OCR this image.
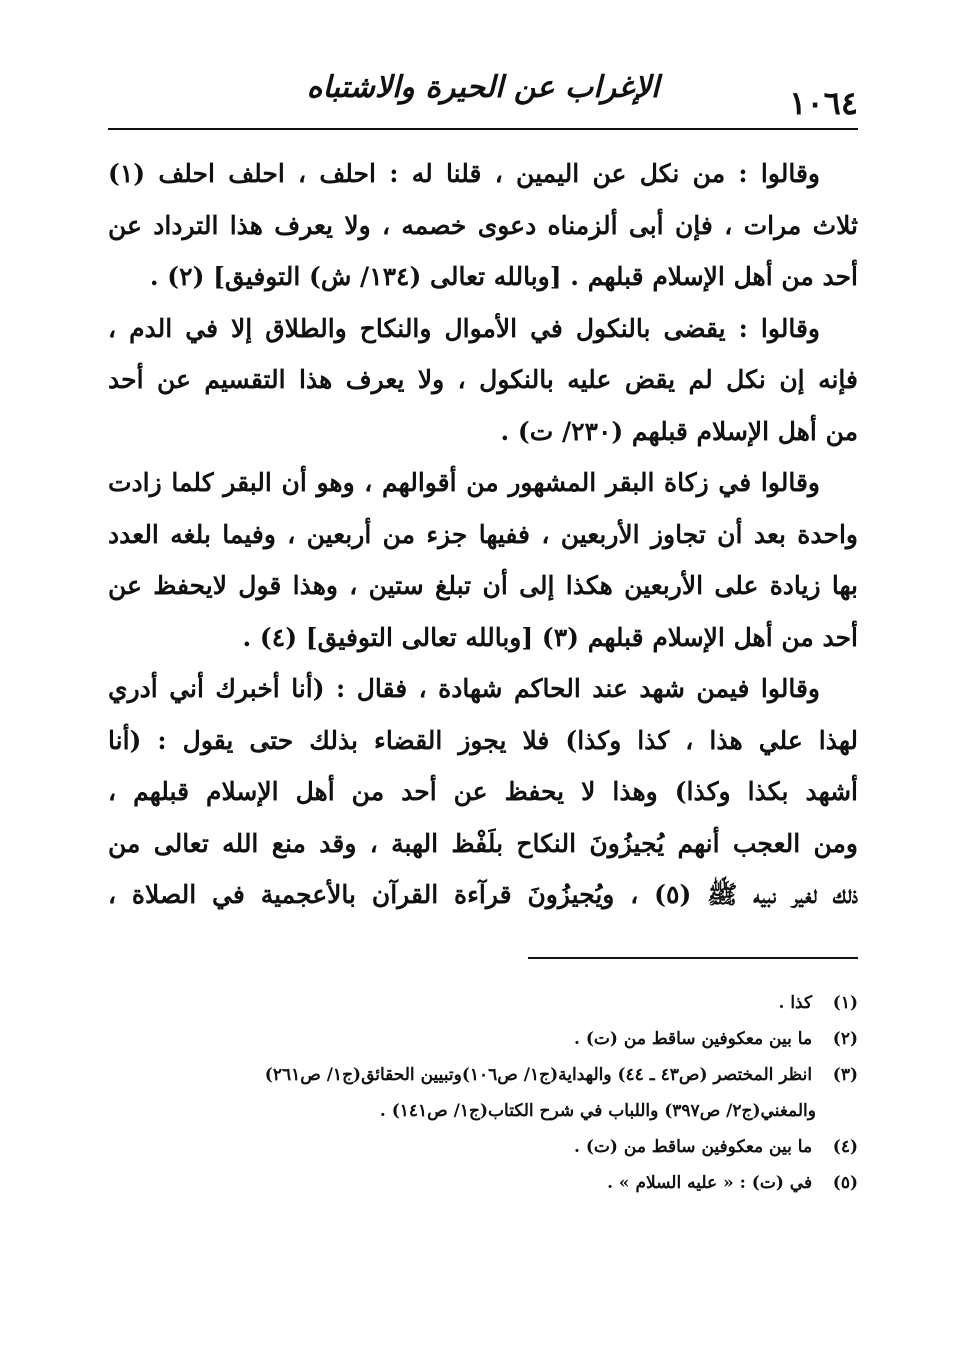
١٠٦٤
الإغراب عن الحيرة والاشتباه
وقالوا : من نكل عن اليمين ، قلنا له : احلف ، احلف احلف (١)
ثلاث مرات ، فإن أبى ألزمناه دعوى خصمه ، ولا يعرف هذا الترداد عن
أحد من أهل الإسلام قبلهم . [وبالله تعالى (١٣٤/ ش) التوفيق] (٢) .
وقالوا : يقضى بالنكول في الأموال والنكاح والطلاق إلا في الدم ،
فإنه إن نكل لم يقض عليه بالنكول ، ولا يعرف هذا التقسيم عن أحد
من أهل الإسلام قبلهم (٢٣٠/ ت) .
وقالوا في زكاة البقر المشهور من أقوالهم ، وهو أن البقر كلما زادت
واحدة بعد أن تجاوز الأربعين ، ففيها جزء من أربعين ، وفيما بلغه العدد
بها زيادة على الأربعين هكذا إلى أن تبلغ ستين ، وهذا قول لايحفظ عن
أحد من أهل الإسلام قبلهم (٣) [وبالله تعالى التوفيق] (٤) .
وقالوا فيمن شهد عند الحاكم شهادة ، فقال : (أنا أخبرك أني أدري
لهذا علي هذا ، كذا وكذا) فلا يجوز القضاء بذلك حتى يقول : (أنا
أشهد بكذا وكذا) وهذا لا يحفظ عن أحد من أهل الإسلام قبلهم ،
ومن العجب أنهم يُجيزُونَ النكاح بلَفْظ الهبة ، وقد منع الله تعالى من
ذلك لغير نبيه ﷺ (٥) ، ويُجيزُونَ قرآءة القرآن بالأعجمية في الصلاة ،
(١) كذا .
(٢) ما بين معكوفين ساقط من (ت) .
(٣) انظر المختصر (ص٤٣ ـ ٤٤) والهداية(ج١/ ص١٠٦)وتبيين الحقائق(ج١/ ص٢٦١)
والمغني(ج٢/ ص٣٩٧) واللباب في شرح الكتاب(ج١/ ص١٤١) .
(٤) ما بين معكوفين ساقط من (ت) .
(٥) في (ت) : « عليه السلام » .
